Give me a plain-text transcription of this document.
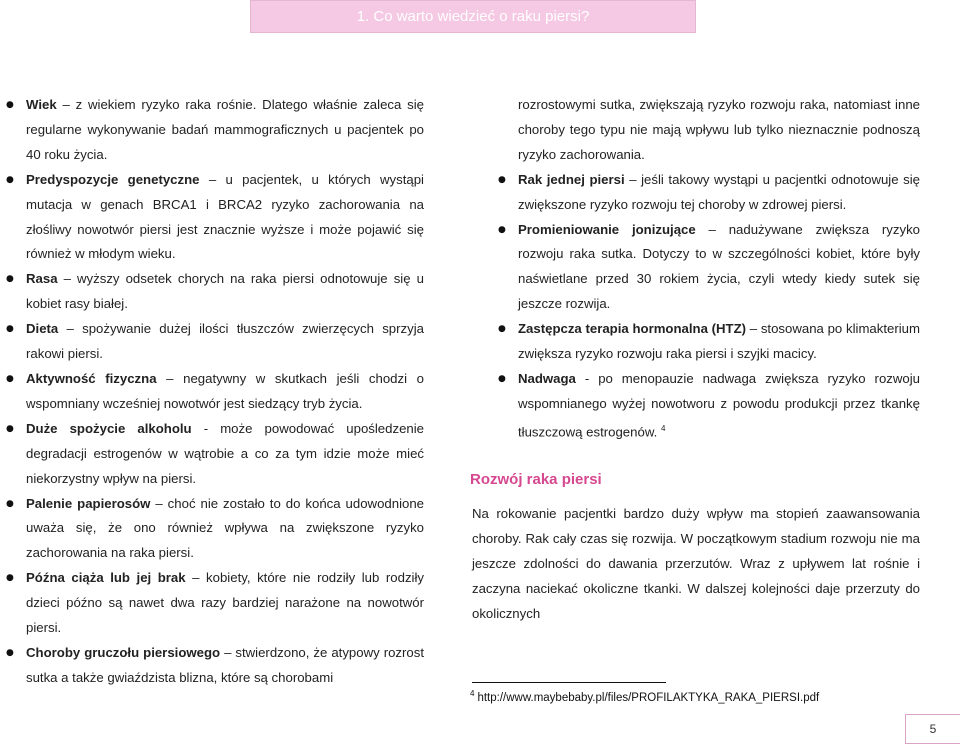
1. Co warto wiedzieć o raku piersi?
● Wiek – z wiekiem ryzyko raka rośnie. Dlatego właśnie zaleca się regularne wykonywanie badań mammograficznych u pacjentek po 40 roku życia.

● Predyspozycje genetyczne – u pacjentek, u których wystąpi mutacja w genach BRCA1 i BRCA2 ryzyko zachorowania na złośliwy nowotwór piersi jest znacznie wyższe i może pojawić się również w młodym wieku.

● Rasa – wyższy odsetek chorych na raka piersi odnotowuje się u kobiet rasy białej.

● Dieta – spożywanie dużej ilości tłuszczów zwierzęcych sprzyja rakowi piersi.

● Aktywność fizyczna – negatywny w skutkach jeśli chodzi o wspomniany wcześniej nowotwór jest siedzący tryb życia.

● Duże spożycie alkoholu - może powodować upośledzenie degradacji estrogenów w wątrobie a co za tym idzie może mieć niekorzystny wpływ na piersi.

● Palenie papierosów – choć nie zostało to do końca udowodnione uważa się, że ono również wpływa na zwiększone ryzyko zachorowania na raka piersi.

● Późna ciąża lub jej brak – kobiety, które nie rodziły lub rodziły dzieci późno są nawet dwa razy bardziej narażone na nowotwór piersi.

● Choroby gruczołu piersiowego – stwierdzono, że atypowy rozrost sutka a także gwiaździsta blizna, które są chorobami

rozrostowymi sutka, zwiększają ryzyko rozwoju raka, natomiast inne choroby tego typu nie mają wpływu lub tylko nieznacznie podnoszą ryzyko zachorowania.

● Rak jednej piersi – jeśli takowy wystąpi u pacjentki odnotowuje się zwiększone ryzyko rozwoju tej choroby w zdrowej piersi.

● Promieniowanie jonizujące – nadużywane zwiększa ryzyko rozwoju raka sutka. Dotyczy to w szczególności kobiet, które były naświetlane przed 30 rokiem życia, czyli wtedy kiedy sutek się jeszcze rozwija.

● Zastępcza terapia hormonalna (HTZ) – stosowana po klimakterium zwiększa ryzyko rozwoju raka piersi i szyjki macicy.

● Nadwaga - po menopauzie nadwaga zwiększa ryzyko rozwoju wspomnianego wyżej nowotworu z powodu produkcji przez tkankę tłuszczową estrogenów. $^4$

Rozwój raka piersi

Na rokowanie pacjentki bardzo duży wpływ ma stopień zaawansowania choroby. Rak cały czas się rozwija. W początkowym stadium rozwoju nie ma jeszcze zdolności do dawania przerzutów. Wraz z upływem lat rośnie i zaczyna naciekać okoliczne tkanki. W dalszej kolejności daje przerzuty do okolicznych

$^4$ http://www.maybebaby.pl/files/PROFILAKTYKA_RAKA_PIERSI.pdf
5
